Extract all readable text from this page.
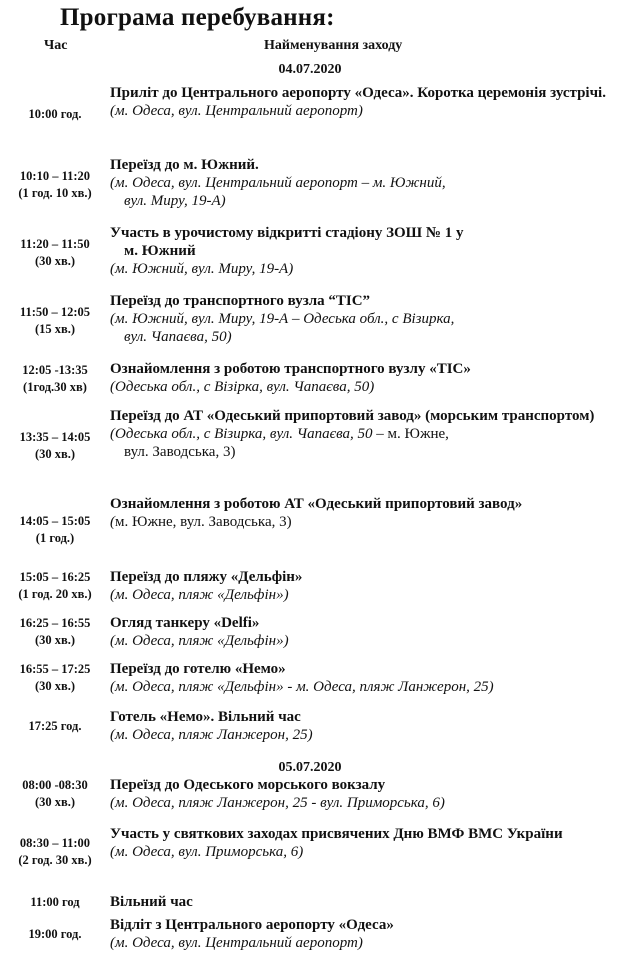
Програма перебування:
Час	Найменування заходу
04.07.2020
10:00 год.
Приліт до Центрального аеропорту «Одеса». Коротка церемонія зустрічі.
(м. Одеса, вул. Центральний аеропорт)
10:10 – 11:20
(1 год. 10 хв.)
Переїзд до м. Южний.
(м. Одеса, вул. Центральний аеропорт – м. Южний,
вул. Миру, 19-А)
11:20 – 11:50
(30 хв.)
Участь в урочистому відкритті стадіону ЗОШ № 1 у
м. Южний
(м. Южний, вул. Миру, 19-А)
11:50 – 12:05
(15 хв.)
Переїзд до транспортного вузла “ТІС”
(м. Южний, вул. Миру, 19-А – Одеська обл., с Візирка,
вул. Чапаєва, 50)
12:05 -13:35
(1год.30 хв)
Ознайомлення з роботою транспортного вузлу «ТІС»
(Одеська обл., с Візірка, вул. Чапаєва, 50)
13:35 – 14:05
(30 хв.)
Переїзд до АТ «Одеський припортовий завод» (морським транспортом)
(Одеська обл., с Візирка, вул. Чапаєва, 50 – м. Южне,
вул. Заводська, 3)
14:05 – 15:05
(1 год.)
Ознайомлення з роботою АТ «Одеський припортовий завод»
(м. Южне, вул. Заводська, 3)
15:05 – 16:25
(1 год. 20 хв.)
Переїзд до пляжу «Дельфін»
(м. Одеса, пляж «Дельфін»)
16:25 – 16:55
(30 хв.)
Огляд танкеру «Delfi»
(м. Одеса, пляж «Дельфін»)
16:55 – 17:25
(30 хв.)
Переїзд до готелю «Немо»
(м. Одеса, пляж «Дельфін» - м. Одеса, пляж Ланжерон, 25)
17:25 год.
Готель «Немо». Вільний час
(м. Одеса, пляж Ланжерон, 25)
05.07.2020
08:00 -08:30
(30 хв.)
Переїзд до Одеського морського вокзалу
(м. Одеса, пляж Ланжерон, 25 - вул. Приморська, 6)
08:30 – 11:00
(2 год. 30 хв.)
Участь у святкових заходах присвячених Дню ВМФ ВМС України
(м. Одеса, вул. Приморська, 6)
11:00 год	Вільний час
19:00 год.
Відліт з Центрального аеропорту «Одеса»
(м. Одеса, вул. Центральний аеропорт)
